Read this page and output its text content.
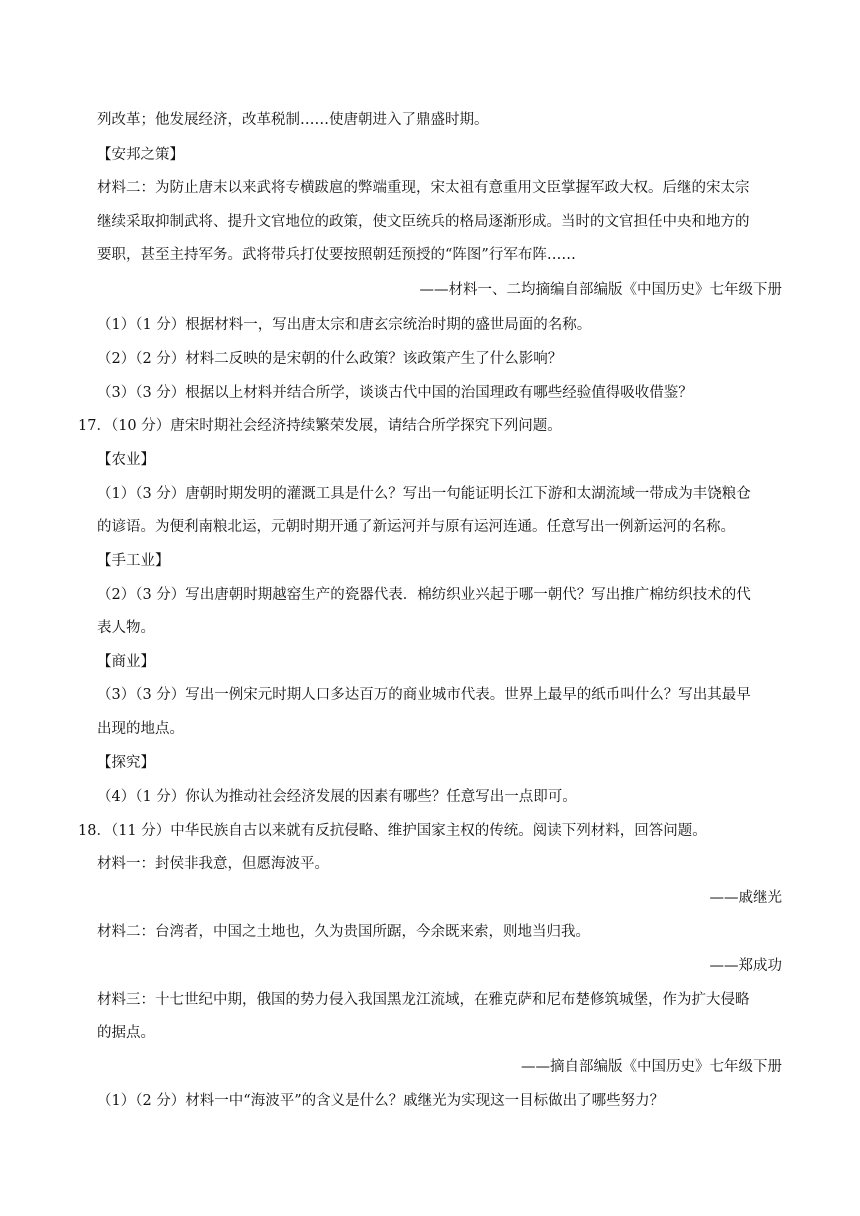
列改革；他发展经济，改革税制……使唐朝进入了鼎盛时期。
【安邦之策】
材料二：为防止唐末以来武将专横跋扈的弊端重现，宋太祖有意重用文臣掌握军政大权。后继的宋太宗
继续采取抑制武将、提升文官地位的政策，使文臣统兵的格局逐渐形成。当时的文官担任中央和地方的
要职，甚至主持军务。武将带兵打仗要按照朝廷预授的“阵图”行军布阵……
——材料一、二均摘编自部编版《中国历史》七年级下册
（1）（1 分）根据材料一，写出唐太宗和唐玄宗统治时期的盛世局面的名称。
（2）（2 分）材料二反映的是宋朝的什么政策？该政策产生了什么影响？
（3）（3 分）根据以上材料并结合所学，谈谈古代中国的治国理政有哪些经验值得吸收借鉴？
17．（10 分）唐宋时期社会经济持续繁荣发展，请结合所学探究下列问题。
【农业】
（1）（3 分）唐朝时期发明的灌溉工具是什么？写出一句能证明长江下游和太湖流域一带成为丰饶粮仓
的谚语。为便利南粮北运，元朝时期开通了新运河并与原有运河连通。任意写出一例新运河的名称。
【手工业】
（2）（3 分）写出唐朝时期越窑生产的瓷器代表．棉纺织业兴起于哪一朝代？写出推广棉纺织技术的代
表人物。
【商业】
（3）（3 分）写出一例宋元时期人口多达百万的商业城市代表。世界上最早的纸币叫什么？写出其最早
出现的地点。
【探究】
（4）（1 分）你认为推动社会经济发展的因素有哪些？任意写出一点即可。
18．（11 分）中华民族自古以来就有反抗侵略、维护国家主权的传统。阅读下列材料，回答问题。
材料一：封侯非我意，但愿海波平。
——戚继光
材料二：台湾者，中国之土地也，久为贵国所踞，今余既来索，则地当归我。
——郑成功
材料三：十七世纪中期，俄国的势力侵入我国黑龙江流域，在雅克萨和尼布楚修筑城堡，作为扩大侵略
的据点。
——摘自部编版《中国历史》七年级下册
（1）（2 分）材料一中“海波平”的含义是什么？戚继光为实现这一目标做出了哪些努力？
